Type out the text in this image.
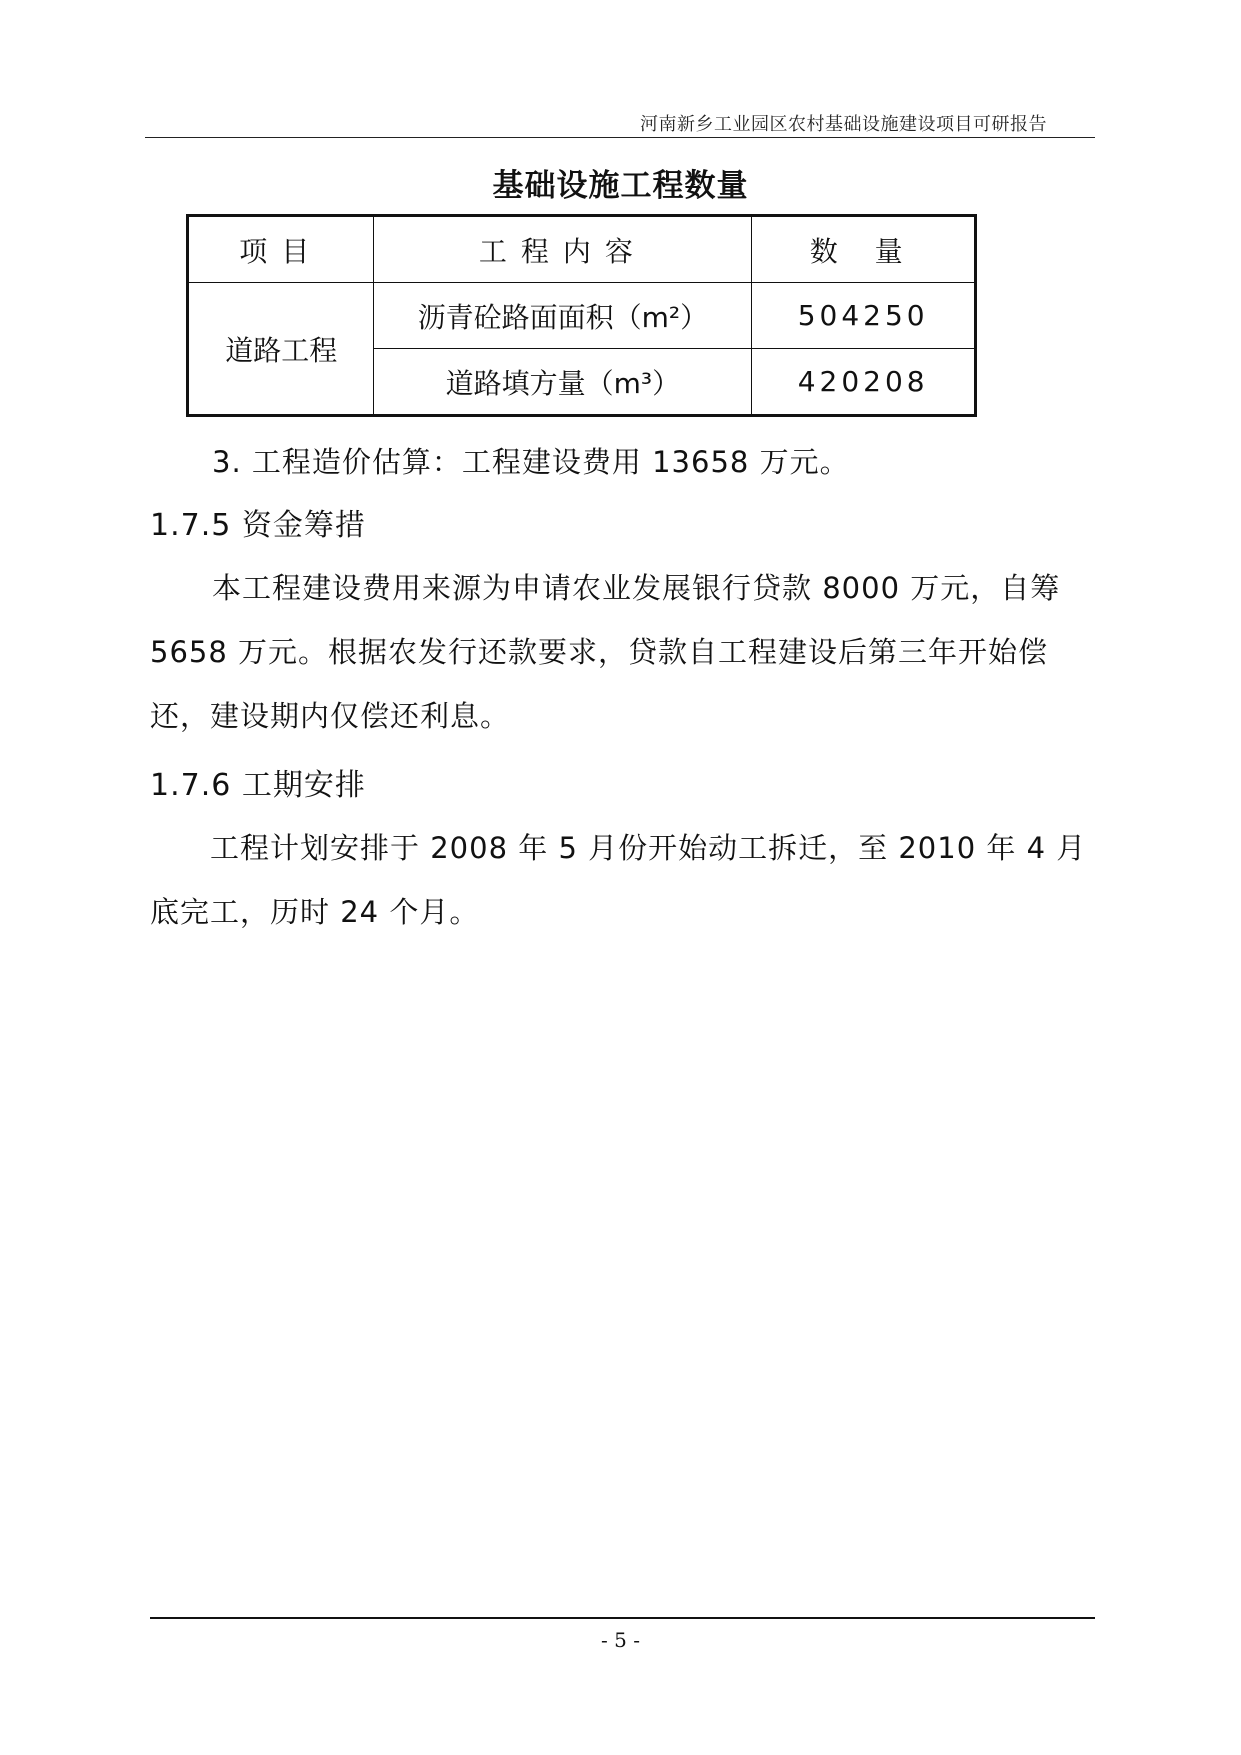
河南新乡工业园区农村基础设施建设项目可研报告
基础设施工程数量
项目	工程内容	数 量
道路工程	沥青砼路面面积（m²）	504250
	道路填方量（m³）	420208
3. 工程造价估算：工程建设费用 13658 万元。
1.7.5 资金筹措
本工程建设费用来源为申请农业发展银行贷款 8000 万元，自筹 5658 万元。根据农发行还款要求，贷款自工程建设后第三年开始偿还，建设期内仅偿还利息。
1.7.6 工期安排
工程计划安排于 2008 年 5 月份开始动工拆迁，至 2010 年 4 月底完工，历时 24 个月。
- 5 -
